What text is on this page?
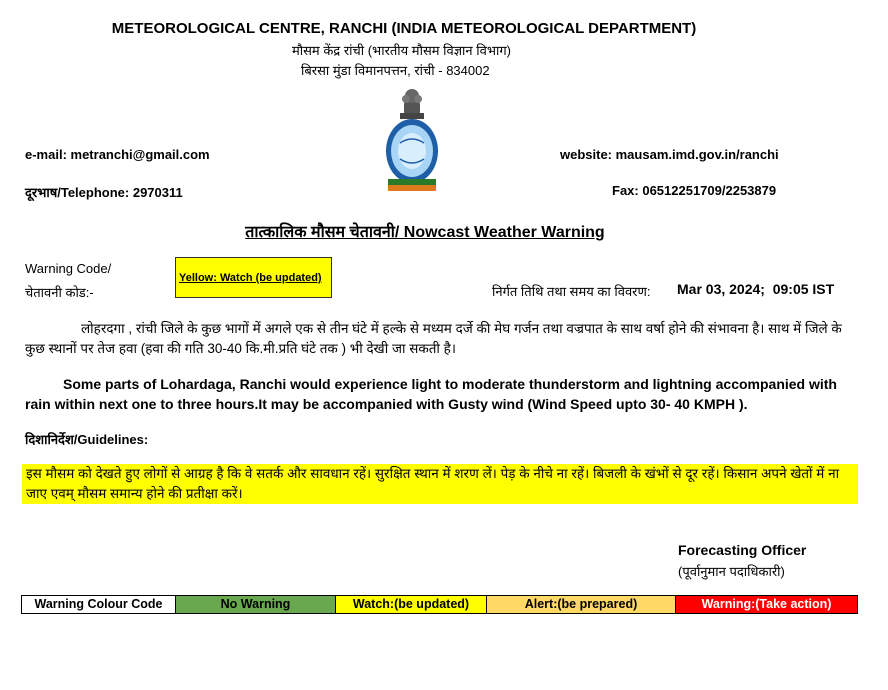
METEOROLOGICAL CENTRE, RANCHI (INDIA METEOROLOGICAL DEPARTMENT)
मौसम केंद्र रांची (भारतीय मौसम विज्ञान विभाग)
बिरसा मुंडा विमानपत्तन, रांची - 834002
e-mail: metranchi@gmail.com	website: mausam.imd.gov.in/ranchi
दूरभाष/Telephone: 2970311	Fax: 06512251709/2253879
तात्कालिक मौसम चेतावनी/ Nowcast Weather Warning
Warning Code/
चेतावनी कोड:-
Yellow: Watch (be updated)
निर्गत तिथि तथा समय का विवरण: Mar 03, 2024;  09:05 IST
लोहरदगा , रांची जिले के कुछ भागों में अगले एक से तीन घंटे में हल्के से मध्यम दर्जे की मेघ गर्जन तथा वज्रपात के साथ वर्षा होने की संभावना है। साथ में जिले के कुछ स्थानों पर तेज हवा (हवा की गति 30-40 कि.मी.प्रति घंटे तक ) भी देखी जा सकती है।
Some parts of Lohardaga, Ranchi would experience light to moderate thunderstorm and lightning accompanied with rain within next one to three hours.It may be accompanied with Gusty wind (Wind Speed upto 30- 40 KMPH ).
दिशानिर्देश/Guidelines:
इस मौसम को देखते हुए लोगों से आग्रह है कि वे सतर्क और सावधान रहें। सुरक्षित स्थान में शरण लें। पेड़ के नीचे ना रहें। बिजली के खंभों से दूर रहें। किसान अपने खेतों में ना जाए एवम् मौसम समान्य होने की प्रतीक्षा करें।
Forecasting Officer
(पूर्वानुमान पदाधिकारी)
Warning Colour Code	No Warning	Watch:(be updated)	Alert:(be prepared)	Warning:(Take action)
